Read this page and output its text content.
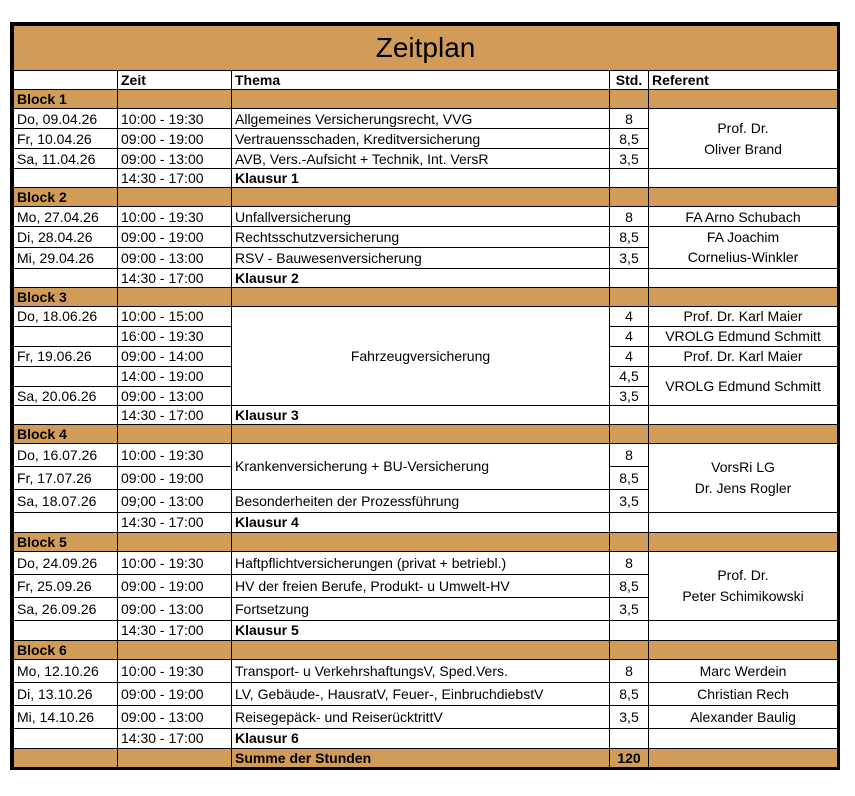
Zeitplan				
	Zeit	Thema	Std.	Referent
Block 1				
Do, 09.04.26	10:00 - 19:30	Allgemeines Versicherungsrecht, VVG	8	Prof. Dr.
Oliver Brand
Fr, 10.04.26	09:00 - 19:00	Vertrauensschaden, Kreditversicherung	8,5	
Sa, 11.04.26	09:00 - 13:00	AVB, Vers.-Aufsicht + Technik, Int. VersR	3,5	
	14:30 - 17:00	Klausur 1		
Block 2				
Mo, 27.04.26	10:00 - 19:30	Unfallversicherung	8	FA Arno Schubach
Di, 28.04.26	09:00 - 19:00	Rechtsschutzversicherung	8,5	FA Joachim
Cornelius-Winkler
Mi, 29.04.26	09:00 - 13:00	RSV - Bauwesenversicherung	3,5	
	14:30 - 17:00	Klausur 2		
Block 3				
Do, 18.06.26	10:00 - 15:00	Fahrzeugversicherung	4	Prof. Dr. Karl Maier
	16:00 - 19:30		4	VROLG Edmund Schmitt
Fr, 19.06.26	09:00 - 14:00		4	Prof. Dr. Karl Maier
	14:00 - 19:00		4,5	VROLG Edmund Schmitt
Sa, 20.06.26	09:00 - 13:00		3,5	
	14:30 - 17:00	Klausur 3		
Block 4				
Do, 16.07.26	10:00 - 19:30	Krankenversicherung + BU-Versicherung	8	VorsRi LG
Dr. Jens Rogler
Fr, 17.07.26	09:00 - 19:00		8,5	
Sa, 18.07.26	09;00 - 13:00	Besonderheiten der Prozessführung	3,5	
	14:30 - 17:00	Klausur 4		
Block 5				
Do, 24.09.26	10:00 - 19:30	Haftpflichtversicherungen (privat + betriebl.)	8	Prof. Dr.
Peter Schimikowski
Fr, 25.09.26	09:00 - 19:00	HV der freien Berufe, Produkt- u Umwelt-HV	8,5	
Sa, 26.09.26	09:00 - 13:00	Fortsetzung	3,5	
	14:30 - 17:00	Klausur 5		
Block 6				
Mo, 12.10.26	10:00 - 19:30	Transport- u VerkehrshaftungsV, Sped.Vers.	8	Marc Werdein
Di, 13.10.26	09:00 - 19:00	LV, Gebäude-, HausratV, Feuer-, EinbruchdiebstV	8,5	Christian Rech
Mi, 14.10.26	09:00 - 13:00	Reisegepäck- und ReiserücktrittV	3,5	Alexander Baulig
	14:30 - 17:00	Klausur 6		
		Summe der Stunden	120	
